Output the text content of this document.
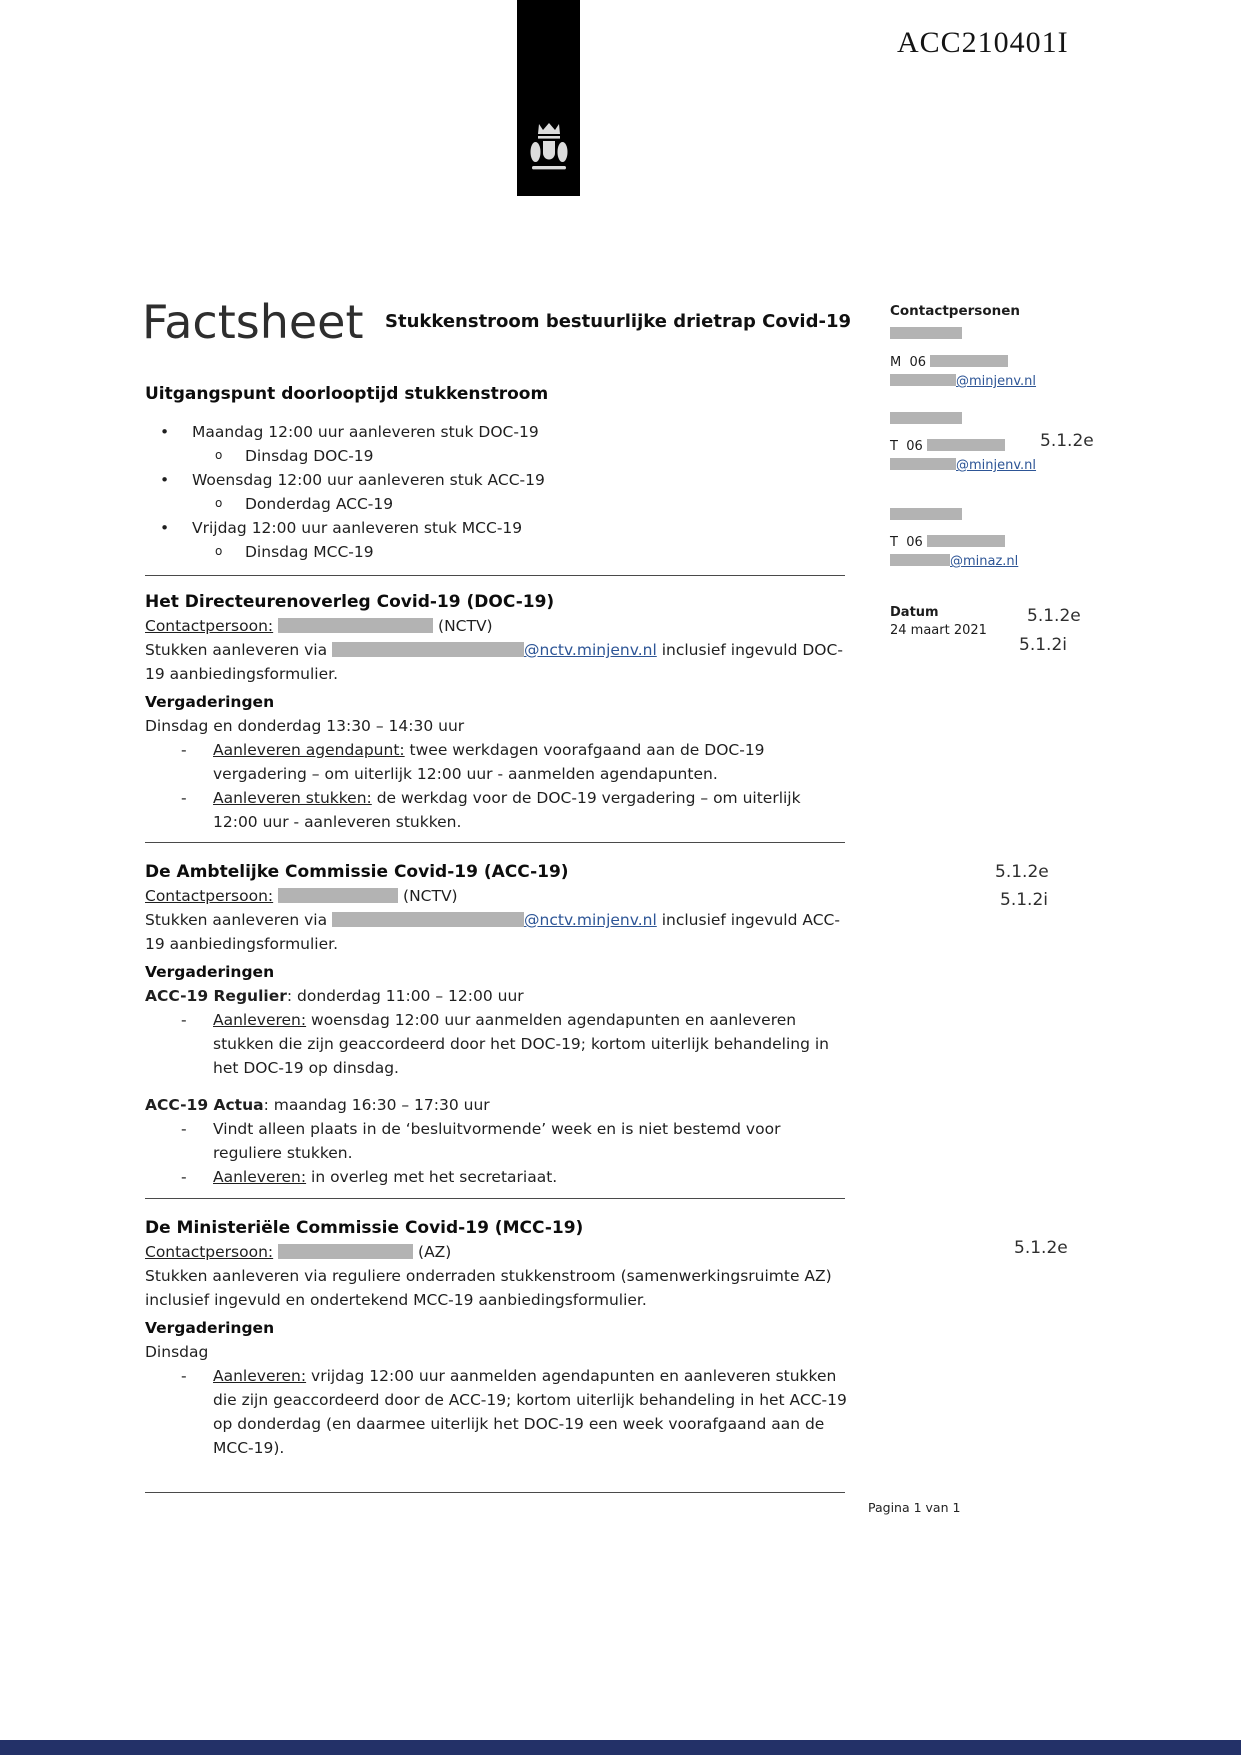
ACC210401I
Factsheet Stukkenstroom bestuurlijke drietrap Covid-19	Contactpersonen
M  06
@minjenv.nl
T  06
@minjenv.nl
T  06
@minaz.nl
Datum
24 maart 2021
5.1.2e
5.1.2e
5.1.2i
5.1.2e
5.1.2i
5.1.2e
Uitgangspunt doorlooptijd stukkenstroom
• Maandag 12:00 uur aanleveren stuk DOC-19
o Dinsdag DOC-19
• Woensdag 12:00 uur aanleveren stuk ACC-19
o Donderdag ACC-19
• Vrijdag 12:00 uur aanleveren stuk MCC-19
o Dinsdag MCC-19
Het Directeurenoverleg Covid-19 (DOC-19)
Contactpersoon:	(NCTV)
Stukken aanleveren via	@nctv.minjenv.nl inclusief ingevuld DOC-19 aanbiedingsformulier.
Vergaderingen
Dinsdag en donderdag 13:30 – 14:30 uur
- Aanleveren agendapunt: twee werkdagen voorafgaand aan de DOC-19 vergadering – om uiterlijk 12:00 uur - aanmelden agendapunten.
- Aanleveren stukken: de werkdag voor de DOC-19 vergadering – om uiterlijk 12:00 uur - aanleveren stukken.
De Ambtelijke Commissie Covid-19 (ACC-19)
Contactpersoon:	(NCTV)
Stukken aanleveren via	@nctv.minjenv.nl inclusief ingevuld ACC-19 aanbiedingsformulier.
Vergaderingen
ACC-19 Regulier: donderdag 11:00 – 12:00 uur
- Aanleveren: woensdag 12:00 uur aanmelden agendapunten en aanleveren stukken die zijn geaccordeerd door het DOC-19; kortom uiterlijk behandeling in het DOC-19 op dinsdag.
ACC-19 Actua: maandag 16:30 – 17:30 uur
- Vindt alleen plaats in de ‘besluitvormende’ week en is niet bestemd voor reguliere stukken.
- Aanleveren: in overleg met het secretariaat.
De Ministeriële Commissie Covid-19 (MCC-19)
Contactpersoon:	(AZ)
Stukken aanleveren via reguliere onderraden stukkenstroom (samenwerkingsruimte AZ) inclusief ingevuld en ondertekend MCC-19 aanbiedingsformulier.
Vergaderingen
Dinsdag
- Aanleveren: vrijdag 12:00 uur aanmelden agendapunten en aanleveren stukken die zijn geaccordeerd door de ACC-19; kortom uiterlijk behandeling in het ACC-19 op donderdag (en daarmee uiterlijk het DOC-19 een week voorafgaand aan de MCC-19).
Pagina 1 van 1
